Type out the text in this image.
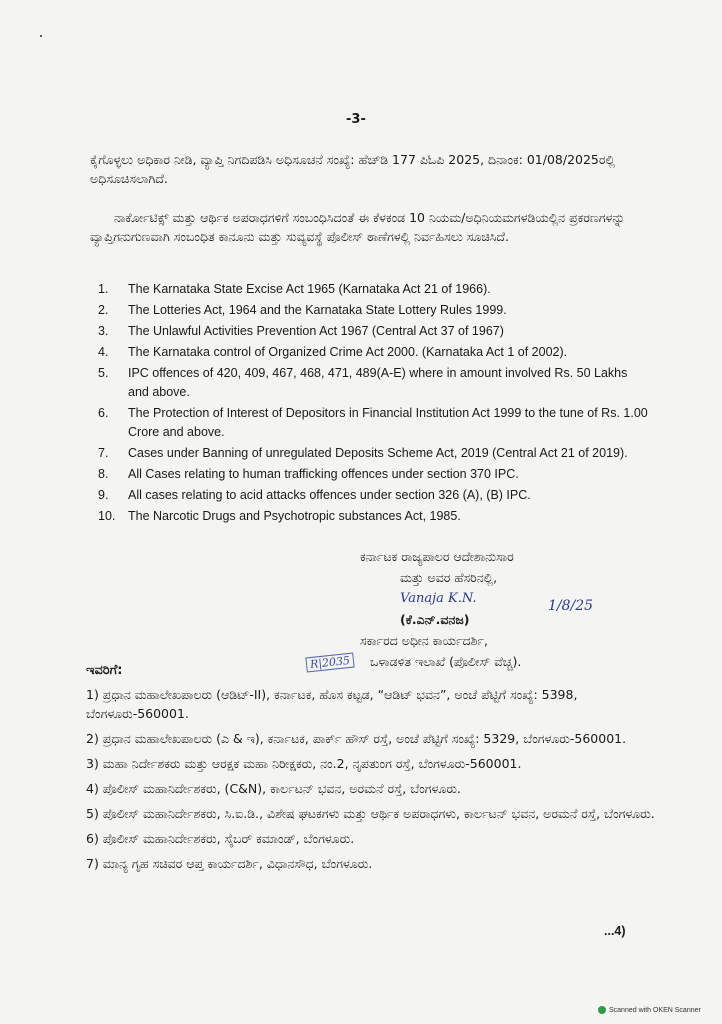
-3-
ಕೈಗೊಳ್ಳಲು ಅಧಿಕಾರ ನೀಡಿ, ವ್ಯಾಪ್ತಿ ನಿಗದಿಪಡಿಸಿ ಅಧಿಸೂಚನೆ ಸಂಖ್ಯೆ: ಹೆಚ್‌ಡಿ 177 ಪಿಓಪಿ 2025, ದಿನಾಂಕ: 01/08/2025ರಲ್ಲಿ ಅಧಿಸೂಚಿಸಲಾಗಿದೆ.
ನಾರ್ಕೋಟಿಕ್ಸ್ ಮತ್ತು ಆರ್ಥಿಕ ಅಪರಾಧಗಳಿಗೆ ಸಂಬಂಧಿಸಿದಂತೆ ಈ ಕೆಳಕಂಡ 10 ನಿಯಮ/ಅಧಿನಿಯಮಗಳಡಿಯಲ್ಲಿನ ಪ್ರಕರಣಗಳನ್ನು ವ್ಯಾಪ್ತಿಗನುಗುಣವಾಗಿ ಸಂಬಂಧಿತ ಕಾನೂನು ಮತ್ತು ಸುವ್ಯವಸ್ಥೆ ಪೊಲೀಸ್ ಠಾಣೆಗಳಲ್ಲಿ ನಿರ್ವಹಿಸಲು ಸೂಚಿಸಿದೆ.
1. The Karnataka State Excise Act 1965 (Karnataka Act 21 of 1966).
2. The Lotteries Act, 1964 and the Karnataka State Lottery Rules 1999.
3. The Unlawful Activities Prevention Act 1967 (Central Act 37 of 1967)
4. The Karnataka control of Organized Crime Act 2000. (Karnataka Act 1 of 2002).
5. IPC offences of 420, 409, 467, 468, 471, 489(A-E) where in amount involved Rs. 50 Lakhs and above.
6. The Protection of Interest of Depositors in Financial Institution Act 1999 to the tune of Rs. 1.00 Crore and above.
7. Cases under Banning of unregulated Deposits Scheme Act, 2019 (Central Act 21 of 2019).
8. All Cases relating to human trafficking offences under section 370 IPC.
9. All cases relating to acid attacks offences under section 326 (A), (B) IPC.
10. The Narcotic Drugs and Psychotropic substances Act, 1985.
ಕರ್ನಾಟಕ ರಾಜ್ಯಪಾಲರ ಆದೇಶಾನುಸಾರ
ಮತ್ತು ಅವರ ಹೆಸರಿನಲ್ಲಿ,
Vanaja K.N.
(ಕೆ.ಎನ್.ವನಜ)
ಸರ್ಕಾರದ ಅಧೀನ ಕಾರ್ಯದರ್ಶಿ,
ಒಳಾಡಳಿತ ಇಲಾಖೆ (ಪೊಲೀಸ್ ವೆಚ್ಚ).
1/8/25
ಇವರಿಗೆ:	R|2035
1) ಪ್ರಧಾನ ಮಹಾಲೇಖಪಾಲರು (ಆಡಿಟ್-II), ಕರ್ನಾಟಕ, ಹೊಸ ಕಟ್ಟಡ, “ಆಡಿಟ್ ಭವನ”, ಅಂಚೆ ಪೆಟ್ಟಿಗೆ ಸಂಖ್ಯೆ: 5398, ಬೆಂಗಳೂರು-560001.
2) ಪ್ರಧಾನ ಮಹಾಲೇಖಪಾಲರು (ಎ & ಇ), ಕರ್ನಾಟಕ, ಪಾರ್ಕ್ ಹೌಸ್ ರಸ್ತೆ, ಅಂಚೆ ಪೆಟ್ಟಿಗೆ ಸಂಖ್ಯೆ: 5329, ಬೆಂಗಳೂರು-560001.
3) ಮಹಾ ನಿರ್ದೇಶಕರು ಮತ್ತು ಆರಕ್ಷಕ ಮಹಾ ನಿರೀಕ್ಷಕರು, ನಂ.2, ನೃಪತುಂಗ ರಸ್ತೆ, ಬೆಂಗಳೂರು-560001.
4) ಪೊಲೀಸ್ ಮಹಾನಿರ್ದೇಶಕರು, (C&N), ಕಾರ್ಲಟನ್ ಭವನ, ಅರಮನೆ ರಸ್ತೆ, ಬೆಂಗಳೂರು.
5) ಪೊಲೀಸ್ ಮಹಾನಿರ್ದೇಶಕರು, ಸಿ.ಐ.ಡಿ., ವಿಶೇಷ ಘಟಕಗಳು ಮತ್ತು ಆರ್ಥಿಕ ಅಪರಾಧಗಳು, ಕಾರ್ಲಟನ್ ಭವನ, ಅರಮನೆ ರಸ್ತೆ, ಬೆಂಗಳೂರು.
6) ಪೊಲೀಸ್ ಮಹಾನಿರ್ದೇಶಕರು, ಸೈಬರ್ ಕಮಾಂಡ್, ಬೆಂಗಳೂರು.
7) ಮಾನ್ಯ ಗೃಹ ಸಚಿವರ ಆಪ್ತ ಕಾರ್ಯದರ್ಶಿ, ವಿಧಾನಸೌಧ, ಬೆಂಗಳೂರು.
...4)
Scanned with OKEN Scanner
